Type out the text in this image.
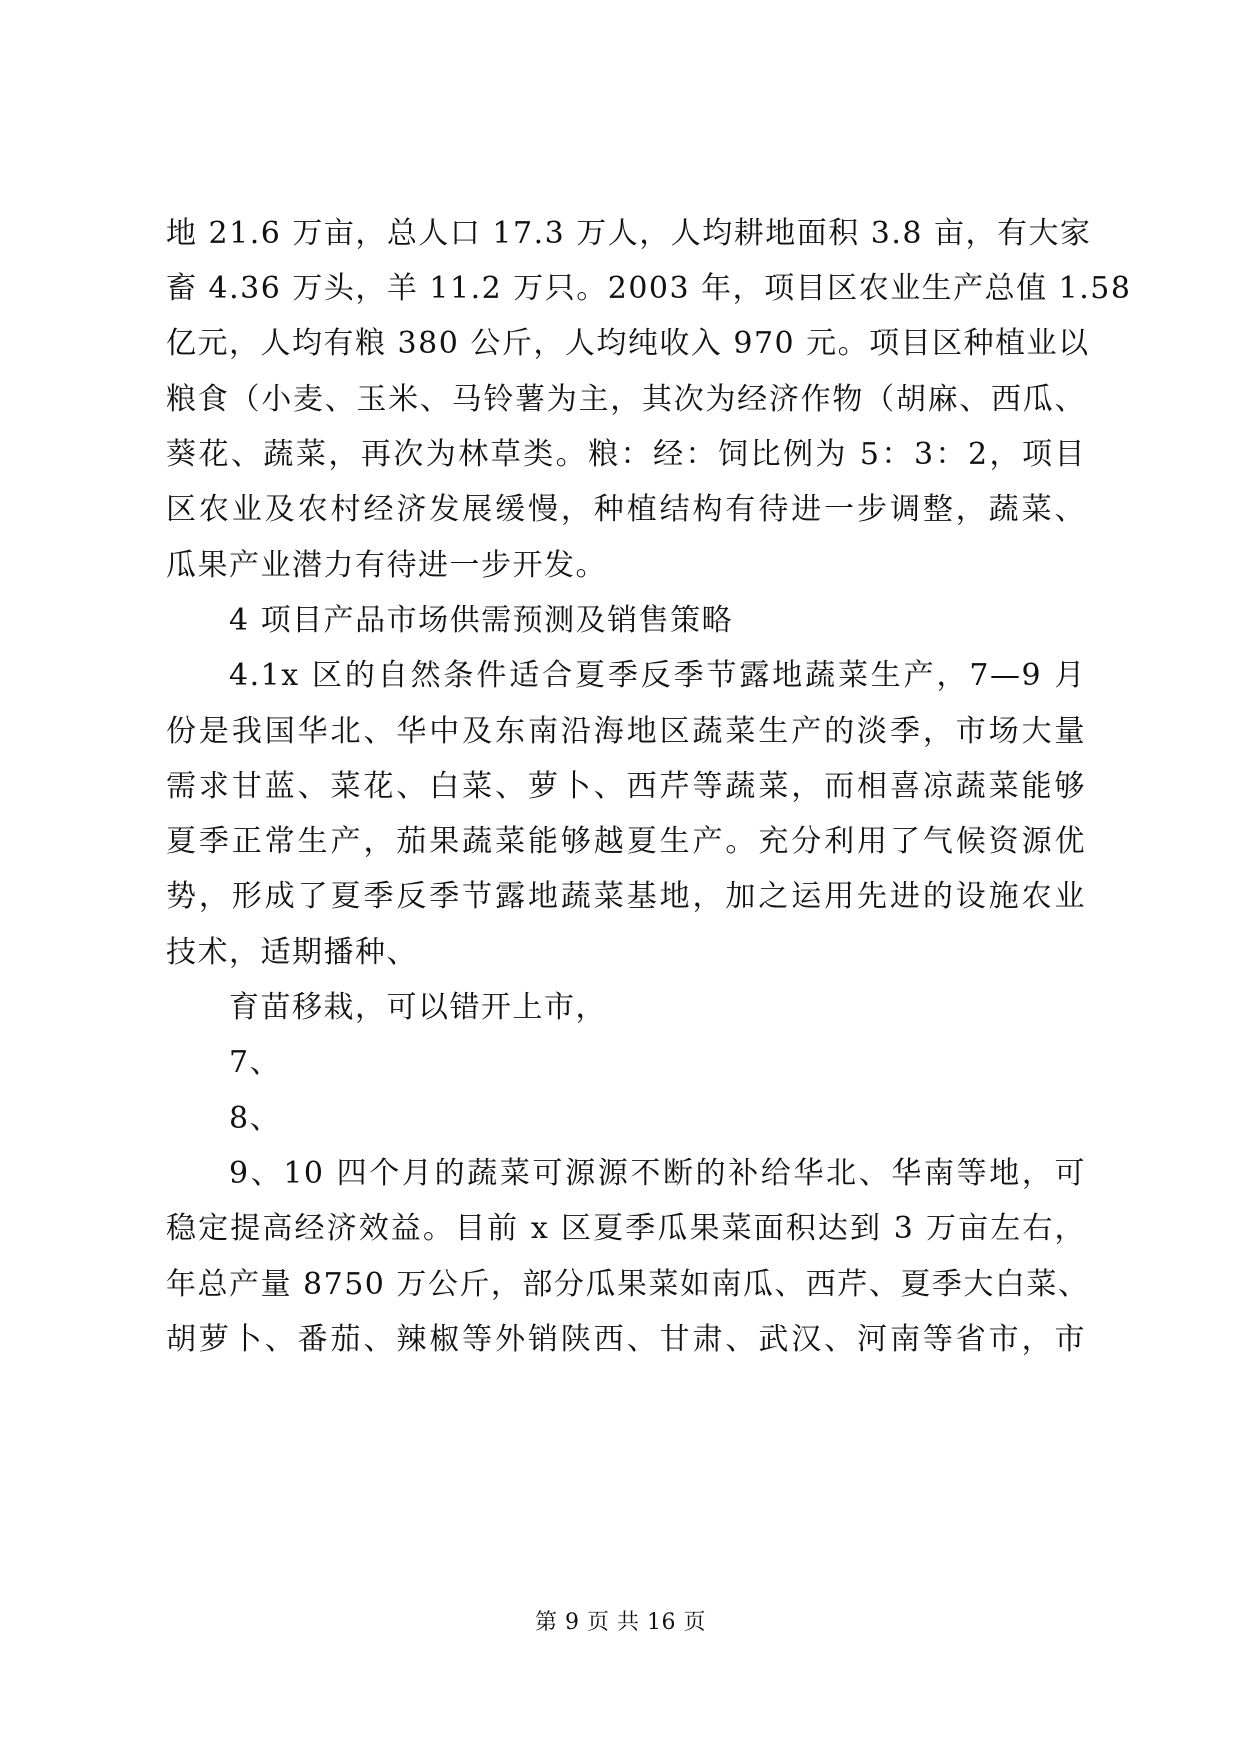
地 21.6 万亩，总人口 17.3 万人，人均耕地面积 3.8 亩，有大家
畜 4.36 万头，羊 11.2 万只。2003 年，项目区农业生产总值 1.58
亿元，人均有粮 380 公斤，人均纯收入 970 元。项目区种植业以
粮食（小麦、玉米、马铃薯为主，其次为经济作物（胡麻、西瓜、
葵花、蔬菜，再次为林草类。粮：经：饲比例为 5：3：2，项目
区农业及农村经济发展缓慢，种植结构有待进一步调整，蔬菜、
瓜果产业潜力有待进一步开发。
4 项目产品市场供需预测及销售策略
4.1x 区的自然条件适合夏季反季节露地蔬菜生产，7—9 月
份是我国华北、华中及东南沿海地区蔬菜生产的淡季，市场大量
需求甘蓝、菜花、白菜、萝卜、西芹等蔬菜，而相喜凉蔬菜能够
夏季正常生产，茄果蔬菜能够越夏生产。充分利用了气候资源优
势，形成了夏季反季节露地蔬菜基地，加之运用先进的设施农业
技术，适期播种、
育苗移栽，可以错开上市，
7、
8、
9、10 四个月的蔬菜可源源不断的补给华北、华南等地，可
稳定提高经济效益。目前 x 区夏季瓜果菜面积达到 3 万亩左右，
年总产量 8750 万公斤，部分瓜果菜如南瓜、西芹、夏季大白菜、
胡萝卜、番茄、辣椒等外销陕西、甘肃、武汉、河南等省市，市
第 9 页 共 16 页
